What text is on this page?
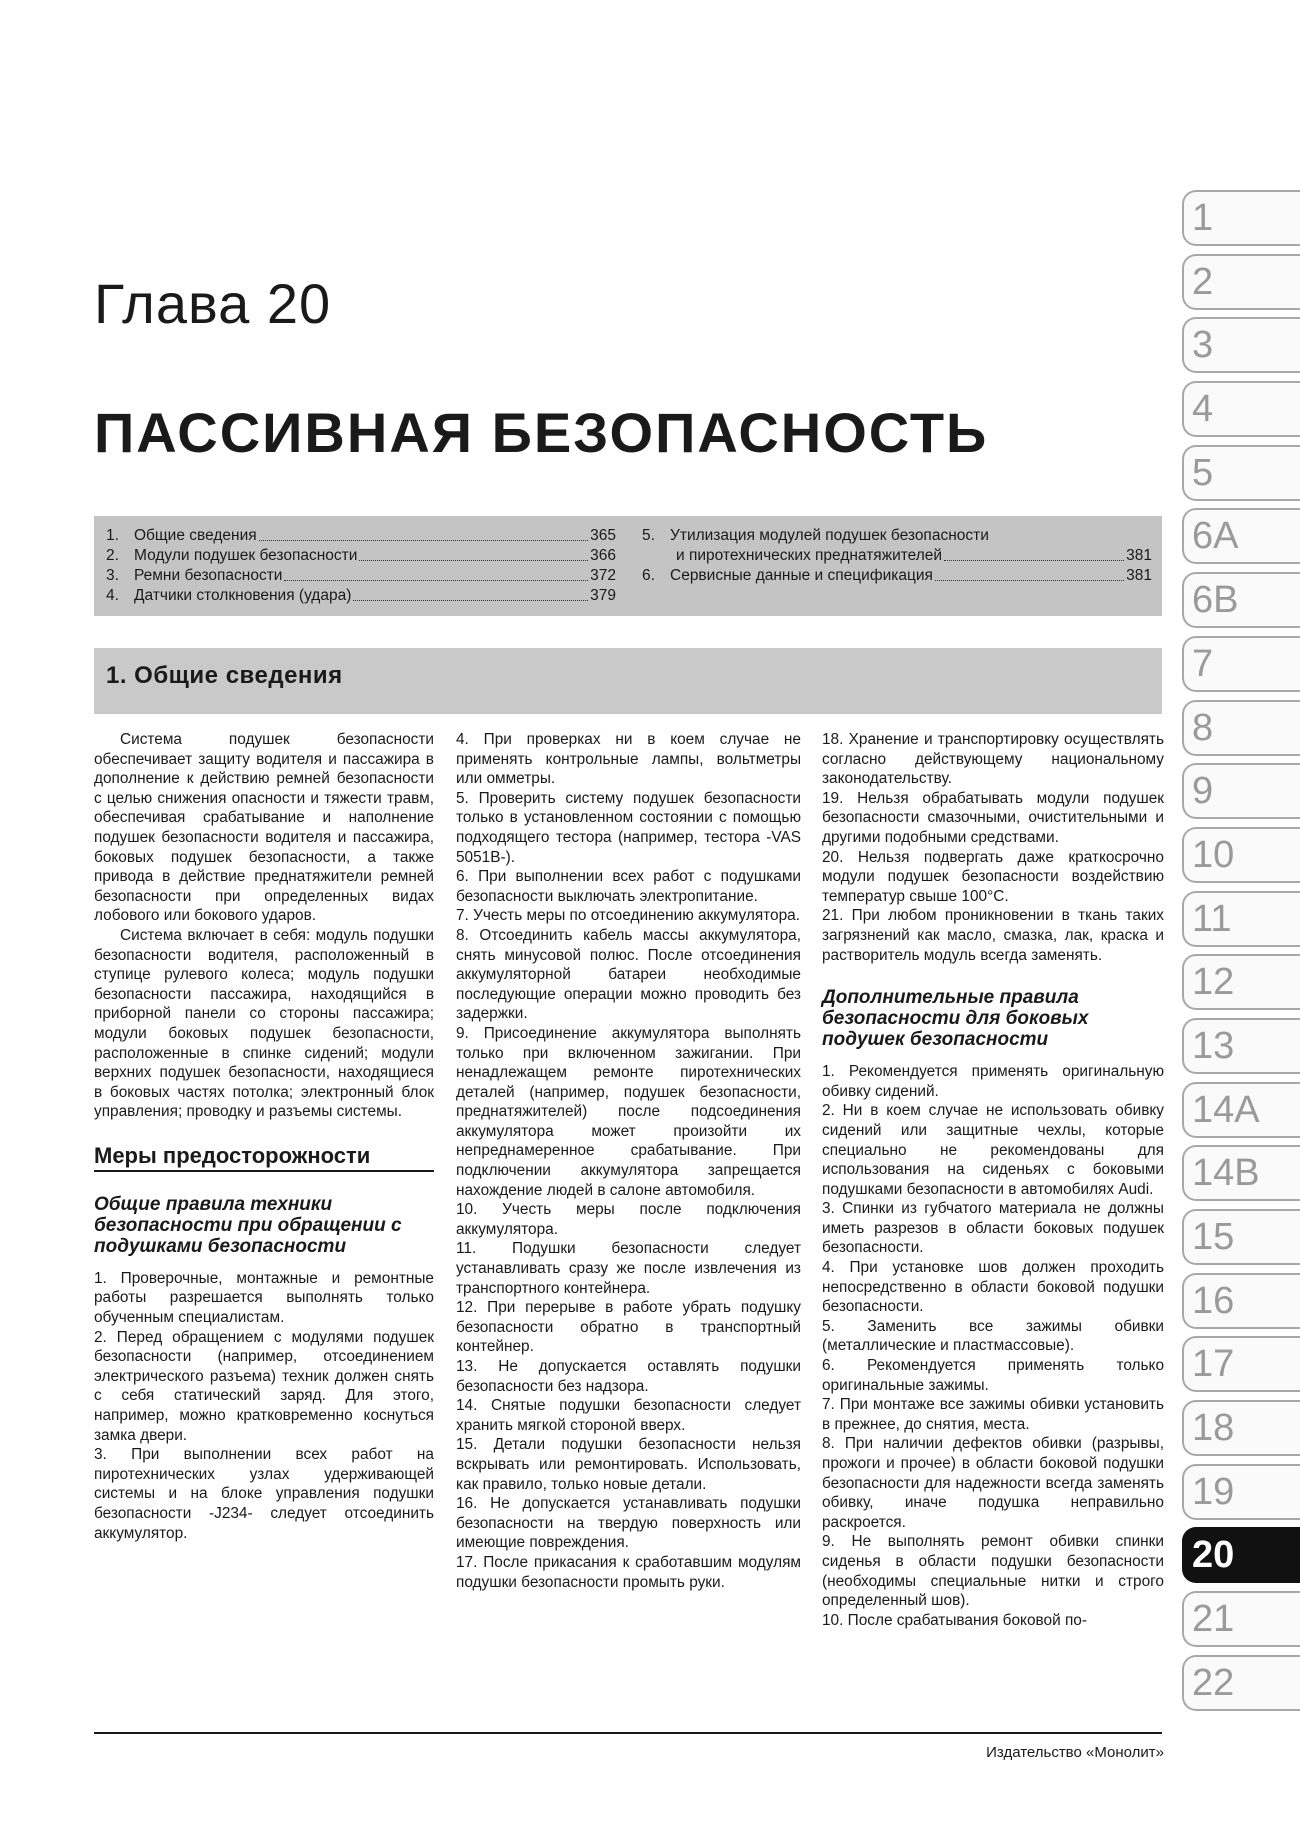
Глава 20
ПАССИВНАЯ БЕЗОПАСНОСТЬ
1. Общие сведения	365
2. Модули подушек безопасности	366
3. Ремни безопасности	372
4. Датчики столкновения (удара)	379
5. Утилизация модулей подушек безопасности
и пиротехнических преднатяжителей	381
6. Сервисные данные и спецификация	381
1. Общие сведения

Система подушек безопасности обеспечивает защиту водителя и пассажира в дополнение к действию ремней безопасности с целью снижения опасности и тяжести травм, обеспечивая срабатывание и наполнение подушек безопасности водителя и пассажира, боковых подушек безопасности, а также привода в действие преднатяжители ремней безопасности при определенных видах лобового или бокового ударов.

Система включает в себя: модуль подушки безопасности водителя, расположенный в ступице рулевого колеса; модуль подушки безопасности пассажира, находящийся в приборной панели со стороны пассажира; модули боковых подушек безопасности, расположенные в спинке сидений; модули верхних подушек безопасности, находящиеся в боковых частях потолка; электронный блок управления; проводку и разъемы системы.

Меры предосторожности
Общие правила техники безопасности при обращении с подушками безопасности

1. Проверочные, монтажные и ремонтные работы разрешается выполнять только обученным специалистам.

2. Перед обращением с модулями подушек безопасности (например, отсоединением электрического разъема) техник должен снять с себя статический заряд. Для этого, например, можно кратковременно коснуться замка двери.

3. При выполнении всех работ на пиротехнических узлах удерживающей системы и на блоке управления подушки безопасности -J234- следует отсоединить аккумулятор.

4. При проверках ни в коем случае не применять контрольные лампы, вольтметры или омметры.

5. Проверить систему подушек безопасности только в установленном состоянии с помощью подходящего тестора (например, тестора -VAS 5051B-).

6. При выполнении всех работ с подушками безопасности выключать электропитание.

7. Учесть меры по отсоединению аккумулятора.

8. Отсоединить кабель массы аккумулятора, снять минусовой полюс. После отсоединения аккумуляторной батареи необходимые последующие операции можно проводить без задержки.

9. Присоединение аккумулятора выполнять только при включенном зажигании. При ненадлежащем ремонте пиротехнических деталей (например, подушек безопасности, преднатяжителей) после подсоединения аккумулятора может произойти их непреднамеренное срабатывание. При подключении аккумулятора запрещается нахождение людей в салоне автомобиля.

10. Учесть меры после подключения аккумулятора.

11. Подушки безопасности следует устанавливать сразу же после извлечения из транспортного контейнера.

12. При перерыве в работе убрать подушку безопасности обратно в транспортный контейнер.

13. Не допускается оставлять подушки безопасности без надзора.

14. Снятые подушки безопасности следует хранить мягкой стороной вверх.

15. Детали подушки безопасности нельзя вскрывать или ремонтировать. Использовать, как правило, только новые детали.

16. Не допускается устанавливать подушки безопасности на твердую поверхность или имеющие повреждения.

17. После прикасания к сработавшим модулям подушки безопасности промыть руки.

18. Хранение и транспортировку осуществлять согласно действующему национальному законодательству.

19. Нельзя обрабатывать модули подушек безопасности смазочными, очистительными и другими подобными средствами.

20. Нельзя подвергать даже краткосрочно модули подушек безопасности воздействию температур свыше 100°C.

21. При любом проникновении в ткань таких загрязнений как масло, смазка, лак, краска и растворитель модуль всегда заменять.

Дополнительные правила безопасности для боковых подушек безопасности

1. Рекомендуется применять оригинальную обивку сидений.

2. Ни в коем случае не использовать обивку сидений или защитные чехлы, которые специально не рекомендованы для использования на сиденьях с боковыми подушками безопасности в автомобилях Audi.

3. Спинки из губчатого материала не должны иметь разрезов в области боковых подушек безопасности.

4. При установке шов должен проходить непосредственно в области боковой подушки безопасности.

5. Заменить все зажимы обивки (металлические и пластмассовые).

6. Рекомендуется применять только оригинальные зажимы.

7. При монтаже все зажимы обивки установить в прежнее, до снятия, места.

8. При наличии дефектов обивки (разрывы, прожоги и прочее) в области боковой подушки безопасности для надежности всегда заменять обивку, иначе подушка неправильно раскроется.

9. Не выполнять ремонт обивки спинки сиденья в области подушки безопасности (необходимы специальные нитки и строго определенный шов).

10. После срабатывания боковой по-

Издательство «Монолит»
1
2
3
4
5
6A
6B
7
8
9
10
11
12
13
14A
14B
15
16
17
18
19
20
21
22
